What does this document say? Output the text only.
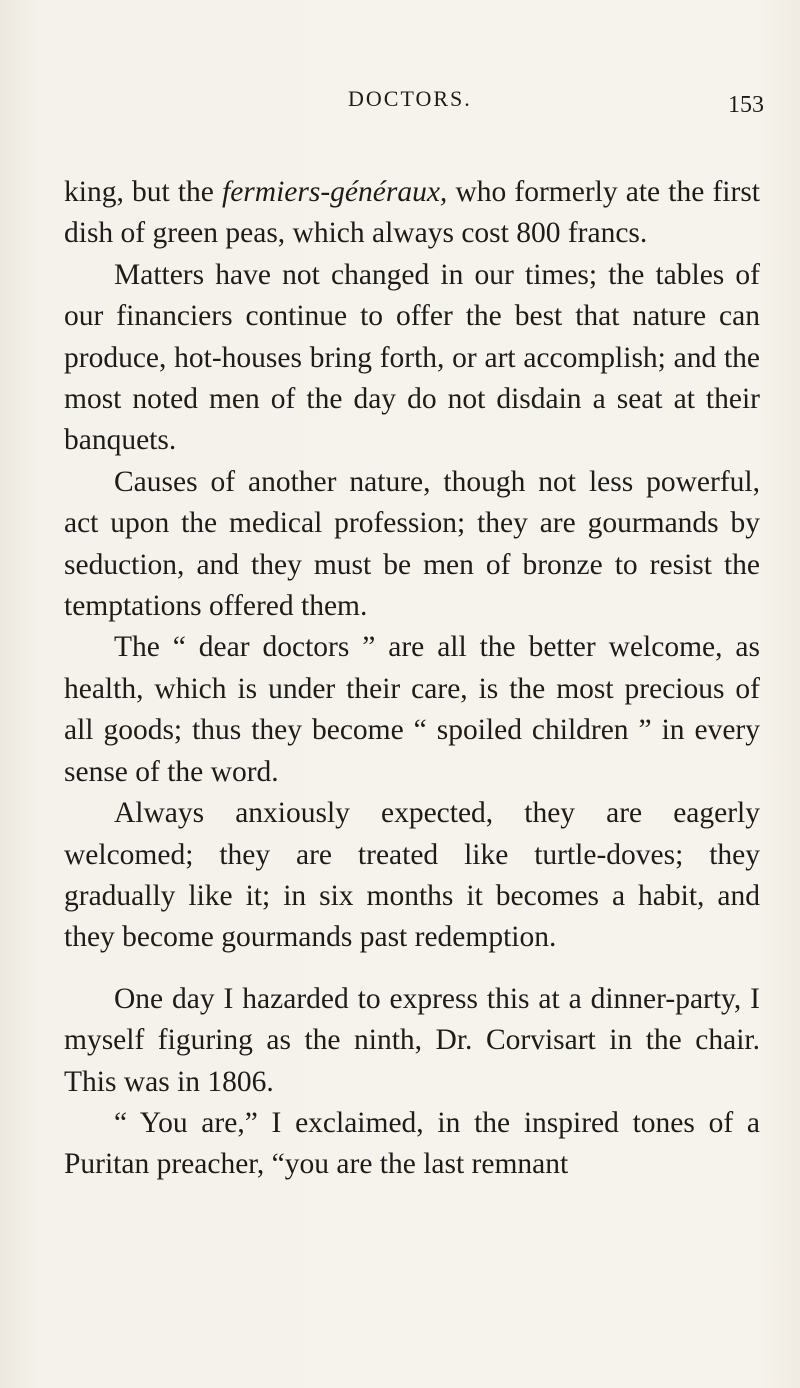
DOCTORS.	153

king, but the fermiers-généraux, who formerly ate the first dish of green peas, which always cost 800 francs.

Matters have not changed in our times; the tables of our financiers continue to offer the best that nature can produce, hot-houses bring forth, or art accomplish; and the most noted men of the day do not disdain a seat at their banquets.

Causes of another nature, though not less powerful, act upon the medical profession; they are gourmands by seduction, and they must be men of bronze to resist the temptations offered them.

The “ dear doctors ” are all the better welcome, as health, which is under their care, is the most precious of all goods; thus they become “ spoiled children ” in every sense of the word.

Always anxiously expected, they are eagerly welcomed; they are treated like turtle-doves; they gradually like it; in six months it becomes a habit, and they become gourmands past redemption.

One day I hazarded to express this at a dinner-party, I myself figuring as the ninth, Dr. Corvisart in the chair. This was in 1806.

“ You are,” I exclaimed, in the inspired tones of a Puritan preacher, “you are the last remnant
